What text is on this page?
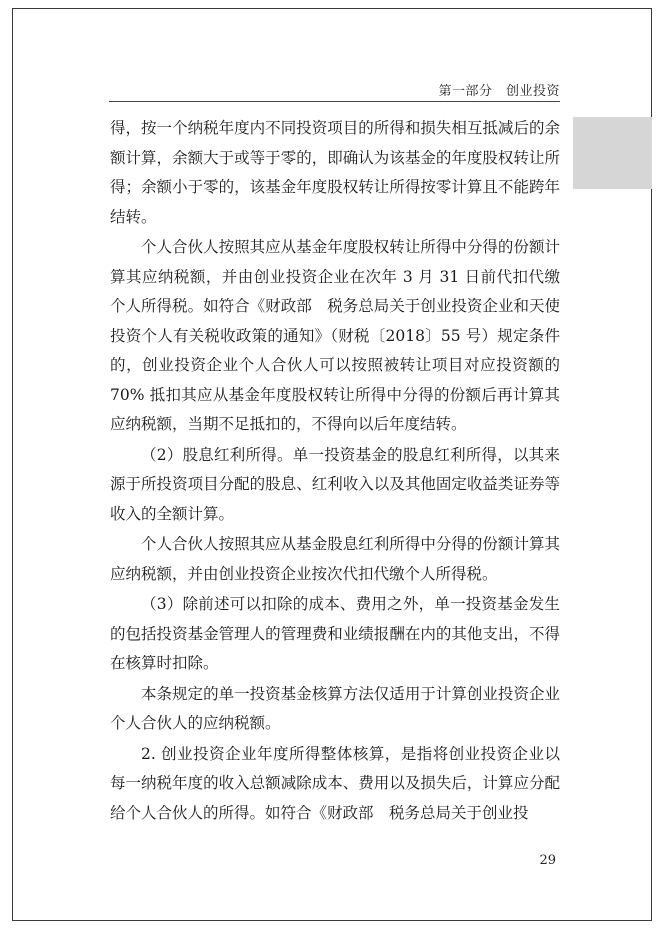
第一部分　创业投资

得，按一个纳税年度内不同投资项目的所得和损失相互抵减后的余额计算，余额大于或等于零的，即确认为该基金的年度股权转让所得；余额小于零的，该基金年度股权转让所得按零计算且不能跨年结转。

个人合伙人按照其应从基金年度股权转让所得中分得的份额计算其应纳税额，并由创业投资企业在次年 3 月 31 日前代扣代缴个人所得税。如符合《财政部　税务总局关于创业投资企业和天使投资个人有关税收政策的通知》（财税〔2018〕55 号）规定条件的，创业投资企业个人合伙人可以按照被转让项目对应投资额的 70% 抵扣其应从基金年度股权转让所得中分得的份额后再计算其应纳税额，当期不足抵扣的，不得向以后年度结转。

（2）股息红利所得。单一投资基金的股息红利所得，以其来源于所投资项目分配的股息、红利收入以及其他固定收益类证券等收入的全额计算。

个人合伙人按照其应从基金股息红利所得中分得的份额计算其应纳税额，并由创业投资企业按次代扣代缴个人所得税。

（3）除前述可以扣除的成本、费用之外，单一投资基金发生的包括投资基金管理人的管理费和业绩报酬在内的其他支出，不得在核算时扣除。

本条规定的单一投资基金核算方法仅适用于计算创业投资企业个人合伙人的应纳税额。

2. 创业投资企业年度所得整体核算，是指将创业投资企业以每一纳税年度的收入总额减除成本、费用以及损失后，计算应分配给个人合伙人的所得。如符合《财政部　税务总局关于创业投

29
